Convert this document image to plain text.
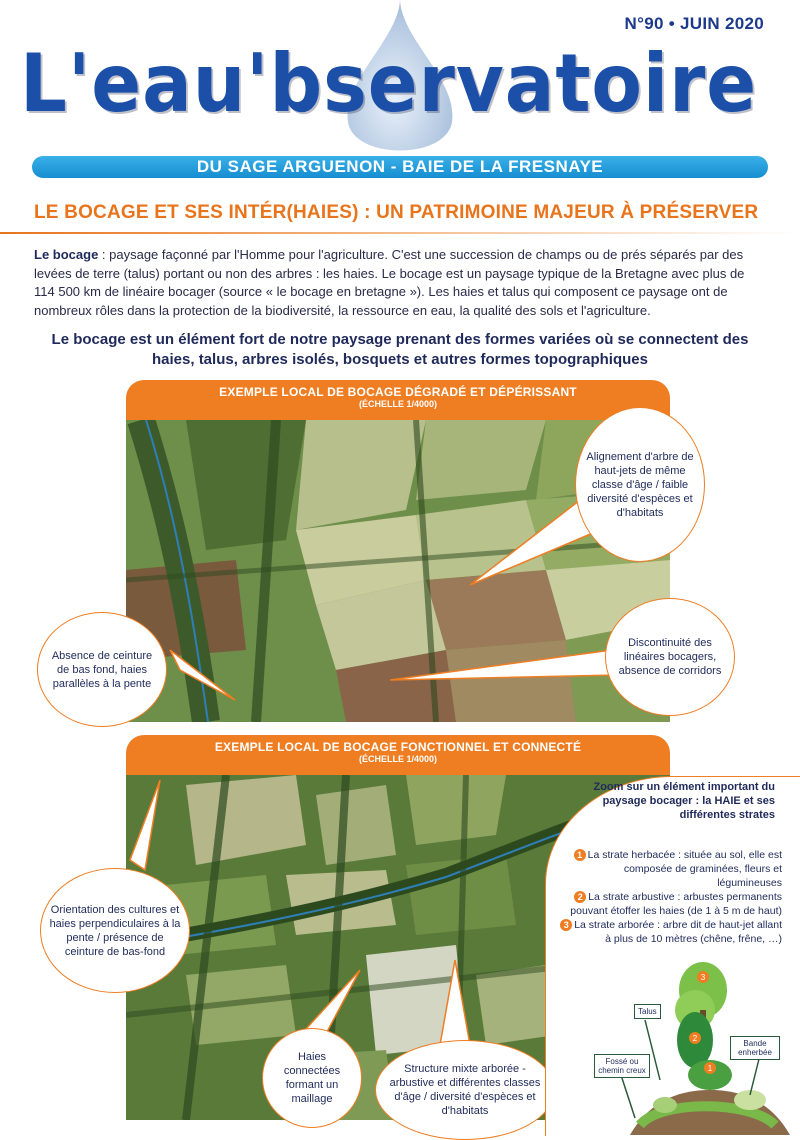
N°90 • JUIN 2020
L'eau'bservatoire
DU SAGE ARGUENON - BAIE DE LA FRESNAYE
LE BOCAGE ET SES INTÉR(HAIES) : UN PATRIMOINE MAJEUR À PRÉSERVER
Le bocage : paysage façonné par l'Homme pour l'agriculture. C'est une succession de champs ou de prés séparés par des levées de terre (talus) portant ou non des arbres : les haies. Le bocage est un paysage typique de la Bretagne avec plus de 114 500 km de linéaire bocager (source « le bocage en bretagne »). Les haies et talus qui composent ce paysage ont de nombreux rôles dans la protection de la biodiversité, la ressource en eau, la qualité des sols et l'agriculture.
Le bocage est un élément fort de notre paysage prenant des formes variées où se connectent des haies, talus, arbres isolés, bosquets et autres formes topographiques
EXEMPLE LOCAL DE BOCAGE DÉGRADÉ ET DÉPÉRISSANT
(ÉCHELLE 1/4000)
Alignement d'arbre de haut-jets de même classe d'âge / faible diversité d'espèces et d'habitats
Absence de ceinture de bas fond, haies parallèles à la pente
Discontinuité des linéaires bocagers, absence de corridors
EXEMPLE LOCAL DE BOCAGE FONCTIONNEL ET CONNECTÉ
(ÉCHELLE 1/4000)
Orientation des cultures et haies perpendiculaires à la pente / présence de ceinture de bas-fond
Haies connectées formant un maillage
Structure mixte arborée - arbustive et différentes classes d'âge / diversité d'espèces et d'habitats
Zoom sur un élément important du paysage bocager : la HAIE et ses différentes strates
1 La strate herbacée : située au sol, elle est composée de graminées, fleurs et légumineuses
2 La strate arbustive : arbustes permanents pouvant étoffer les haies (de 1 à 5 m de haut)
3 La strate arborée : arbre dit de haut-jet allant à plus de 10 mètres (chêne, frêne, …)
3
2
1
Talus
Fossé ou chemin creux
Bande enherbée
